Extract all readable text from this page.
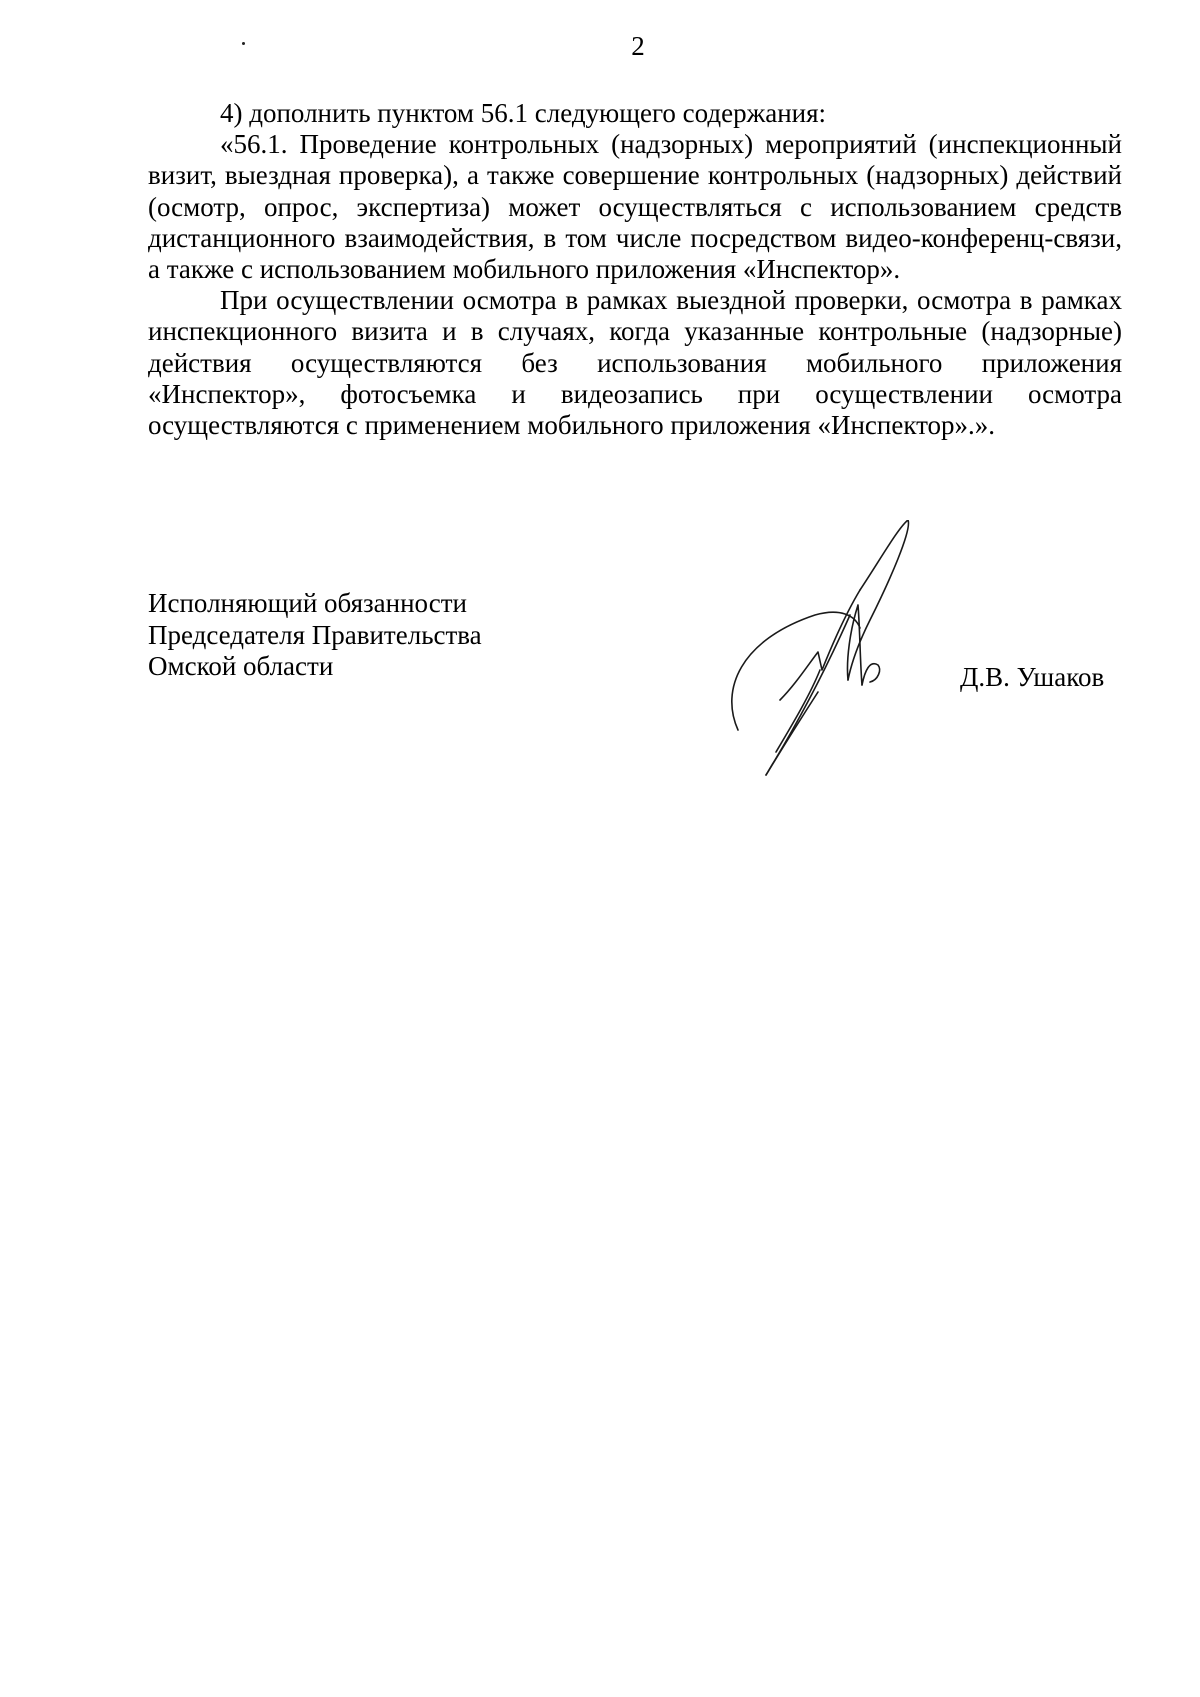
2

4) дополнить пунктом 56.1 следующего содержания:

«56.1. Проведение контрольных (надзорных) мероприятий (инспекционный визит, выездная проверка), а также совершение контрольных (надзорных) действий (осмотр, опрос, экспертиза) может осуществляться с использованием средств дистанционного взаимодействия, в том числе посредством видео-конференц-связи, а также с использованием мобильного приложения «Инспектор».

При осуществлении осмотра в рамках выездной проверки, осмотра в рамках инспекционного визита и в случаях, когда указанные контрольные (надзорные) действия осуществляются без использования мобильного приложения «Инспектор», фотосъемка и видеозапись при осуществлении осмотра осуществляются с применением мобильного приложения «Инспектор».».

Исполняющий обязанности
Председателя Правительства
Омской области	Д.В. Ушаков
